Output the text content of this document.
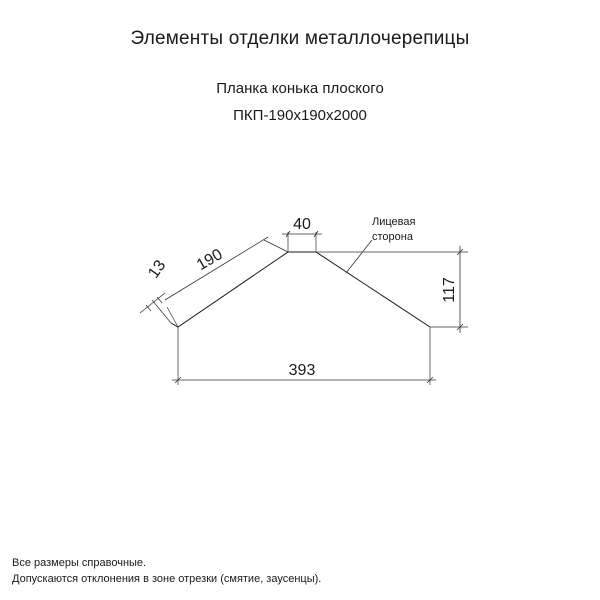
Элементы отделки металлочерепицы
Планка конька плоского
ПКП-190х190х2000
40
190
13
117
393
Лицевая
сторона
Все размеры справочные.
Допускаются отклонения в зоне отрезки (смятие, заусенцы).
